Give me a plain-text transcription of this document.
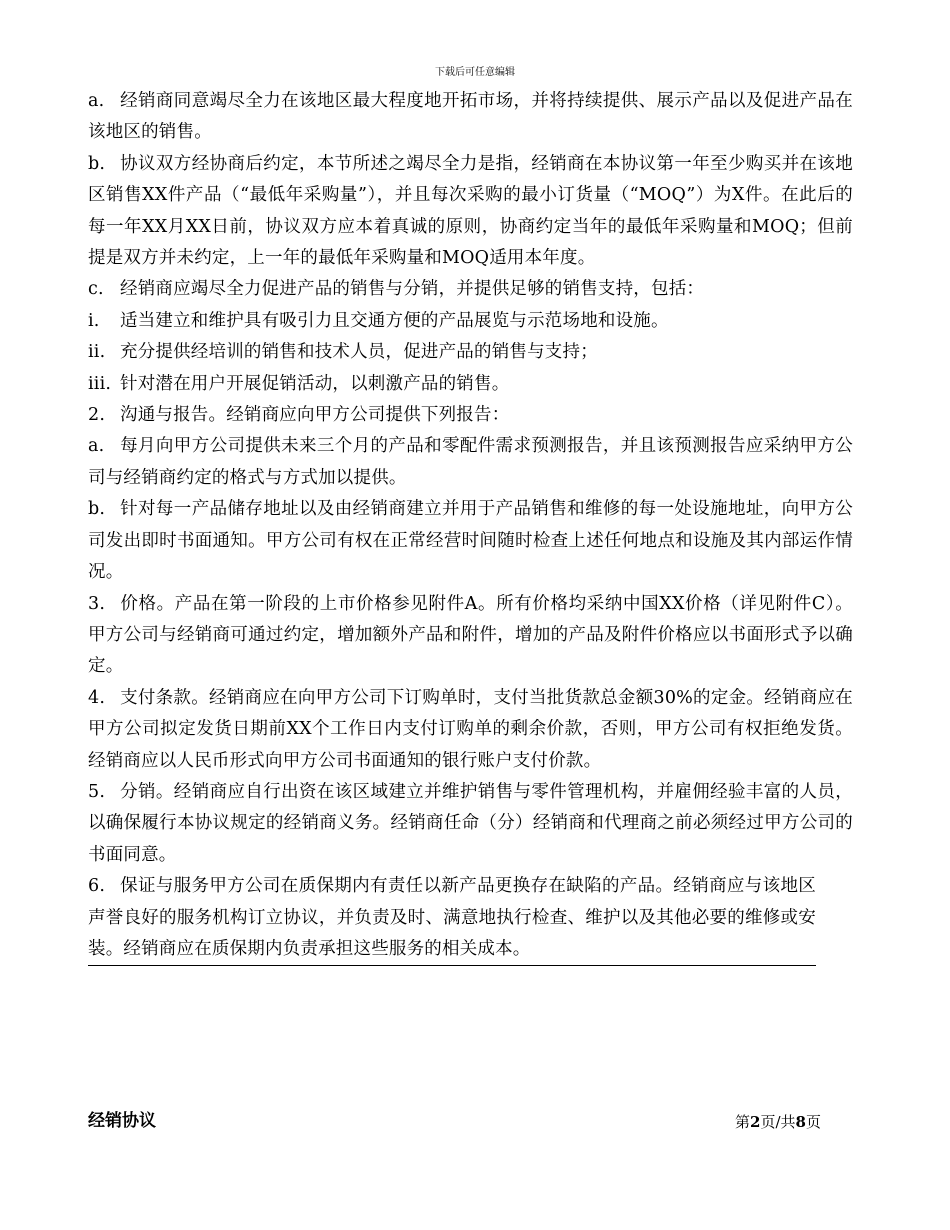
下载后可任意编辑

a. 经销商同意竭尽全力在该地区最大程度地开拓市场，并将持续提供、展示产品以及促进产品在该地区的销售。

b. 协议双方经协商后约定，本节所述之竭尽全力是指，经销商在本协议第一年至少购买并在该地区销售XX件产品（“最低年采购量”），并且每次采购的最小订货量（“MOQ”）为X件。在此后的每一年XX月XX日前，协议双方应本着真诚的原则，协商约定当年的最低年采购量和MOQ；但前提是双方并未约定，上一年的最低年采购量和MOQ适用本年度。

c. 经销商应竭尽全力促进产品的销售与分销，并提供足够的销售支持，包括：

i. 适当建立和维护具有吸引力且交通方便的产品展览与示范场地和设施。

ii. 充分提供经培训的销售和技术人员，促进产品的销售与支持；

iii. 针对潜在用户开展促销活动，以刺激产品的销售。

2. 沟通与报告。经销商应向甲方公司提供下列报告：

a. 每月向甲方公司提供未来三个月的产品和零配件需求预测报告，并且该预测报告应采纳甲方公司与经销商约定的格式与方式加以提供。

b. 针对每一产品储存地址以及由经销商建立并用于产品销售和维修的每一处设施地址，向甲方公司发出即时书面通知。甲方公司有权在正常经营时间随时检查上述任何地点和设施及其内部运作情况。

3. 价格。产品在第一阶段的上市价格参见附件A。所有价格均采纳中国XX价格（详见附件C）。甲方公司与经销商可通过约定，增加额外产品和附件，增加的产品及附件价格应以书面形式予以确定。

4. 支付条款。经销商应在向甲方公司下订购单时，支付当批货款总金额30%的定金。经销商应在甲方公司拟定发货日期前XX个工作日内支付订购单的剩余价款，否则，甲方公司有权拒绝发货。经销商应以人民币形式向甲方公司书面通知的银行账户支付价款。

5. 分销。经销商应自行出资在该区域建立并维护销售与零件管理机构，并雇佣经验丰富的人员，以确保履行本协议规定的经销商义务。经销商任命（分）经销商和代理商之前必须经过甲方公司的书面同意。

6. 保证与服务甲方公司在质保期内有责任以新产品更换存在缺陷的产品。经销商应与该地区声誉良好的服务机构订立协议，并负责及时、满意地执行检查、维护以及其他必要的维修或安装。经销商应在质保期内负责承担这些服务的相关成本。

经销协议	第2页/共8页
